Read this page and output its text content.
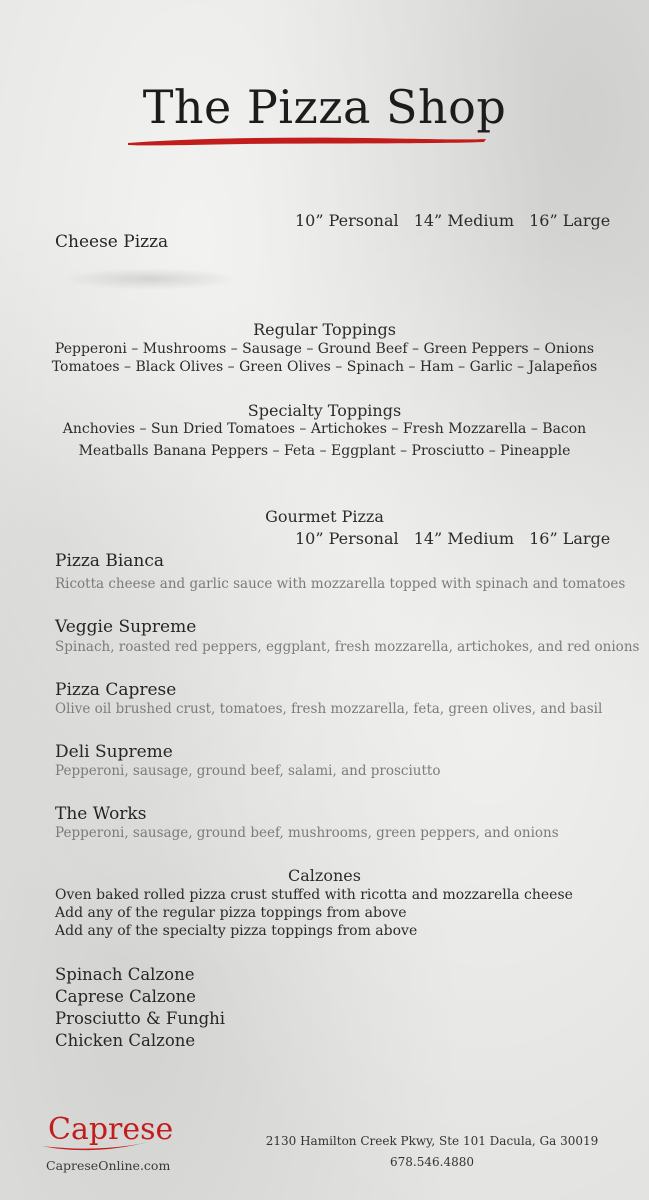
The Pizza Shop
10” Personal 14” Medium 16” Large
Cheese Pizza
Regular Toppings
Pepperoni – Mushrooms – Sausage – Ground Beef – Green Peppers – Onions
Tomatoes – Black Olives – Green Olives – Spinach – Ham – Garlic – Jalapeños
Specialty Toppings
Anchovies – Sun Dried Tomatoes – Artichokes – Fresh Mozzarella – Bacon
Meatballs Banana Peppers – Feta – Eggplant – Prosciutto – Pineapple
Gourmet Pizza
10” Personal 14” Medium 16” Large
Pizza Bianca
Ricotta cheese and garlic sauce with mozzarella topped with spinach and tomatoes
Veggie Supreme
Spinach, roasted red peppers, eggplant, fresh mozzarella, artichokes, and red onions
Pizza Caprese
Olive oil brushed crust, tomatoes, fresh mozzarella, feta, green olives, and basil
Deli Supreme
Pepperoni, sausage, ground beef, salami, and prosciutto
The Works
Pepperoni, sausage, ground beef, mushrooms, green peppers, and onions
Calzones
Oven baked rolled pizza crust stuffed with ricotta and mozzarella cheese
Add any of the regular pizza toppings from above
Add any of the specialty pizza toppings from above
Spinach Calzone
Caprese Calzone
Prosciutto & Funghi
Chicken Calzone
Caprese
CapreseOnline.com
2130 Hamilton Creek Pkwy, Ste 101 Dacula, Ga 30019
678.546.4880
